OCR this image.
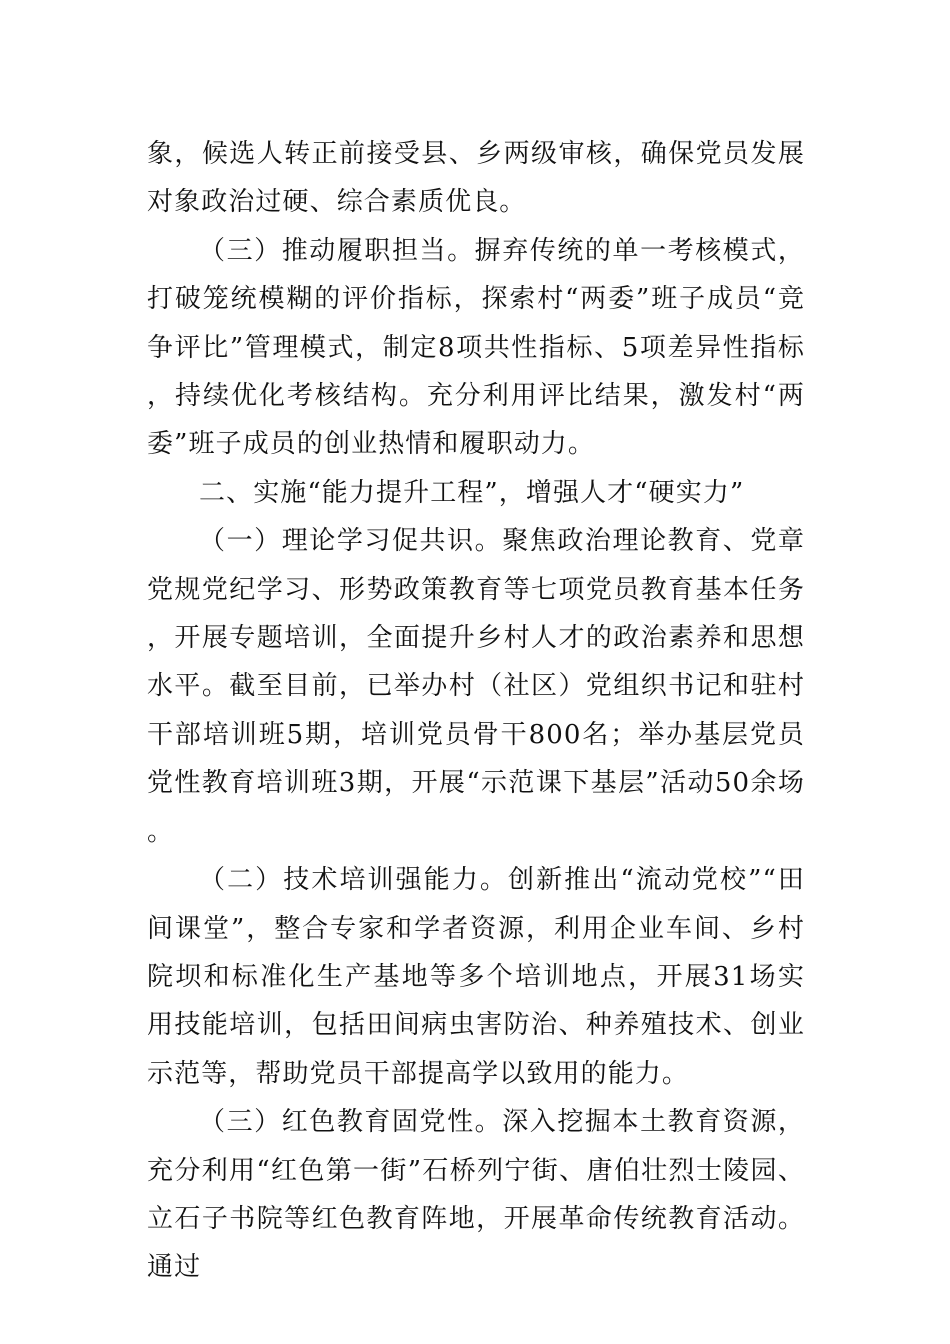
象，候选人转正前接受县、乡两级审核，确保党员发展对象政治过硬、综合素质优良。

（三）推动履职担当。摒弃传统的单一考核模式，打破笼统模糊的评价指标，探索村“两委”班子成员“竞争评比”管理模式，制定8项共性指标、5项差异性指标，持续优化考核结构。充分利用评比结果，激发村“两委”班子成员的创业热情和履职动力。

二、实施“能力提升工程”，增强人才“硬实力”

（一）理论学习促共识。聚焦政治理论教育、党章党规党纪学习、形势政策教育等七项党员教育基本任务，开展专题培训，全面提升乡村人才的政治素养和思想水平。截至目前，已举办村（社区）党组织书记和驻村干部培训班5期，培训党员骨干800名；举办基层党员党性教育培训班3期，开展“示范课下基层”活动50余场。

（二）技术培训强能力。创新推出“流动党校”“田间课堂”，整合专家和学者资源，利用企业车间、乡村院坝和标准化生产基地等多个培训地点，开展31场实用技能培训，包括田间病虫害防治、种养殖技术、创业示范等，帮助党员干部提高学以致用的能力。

（三）红色教育固党性。深入挖掘本土教育资源，充分利用“红色第一街”石桥列宁街、唐伯壮烈士陵园、立石子书院等红色教育阵地，开展革命传统教育活动。通过
